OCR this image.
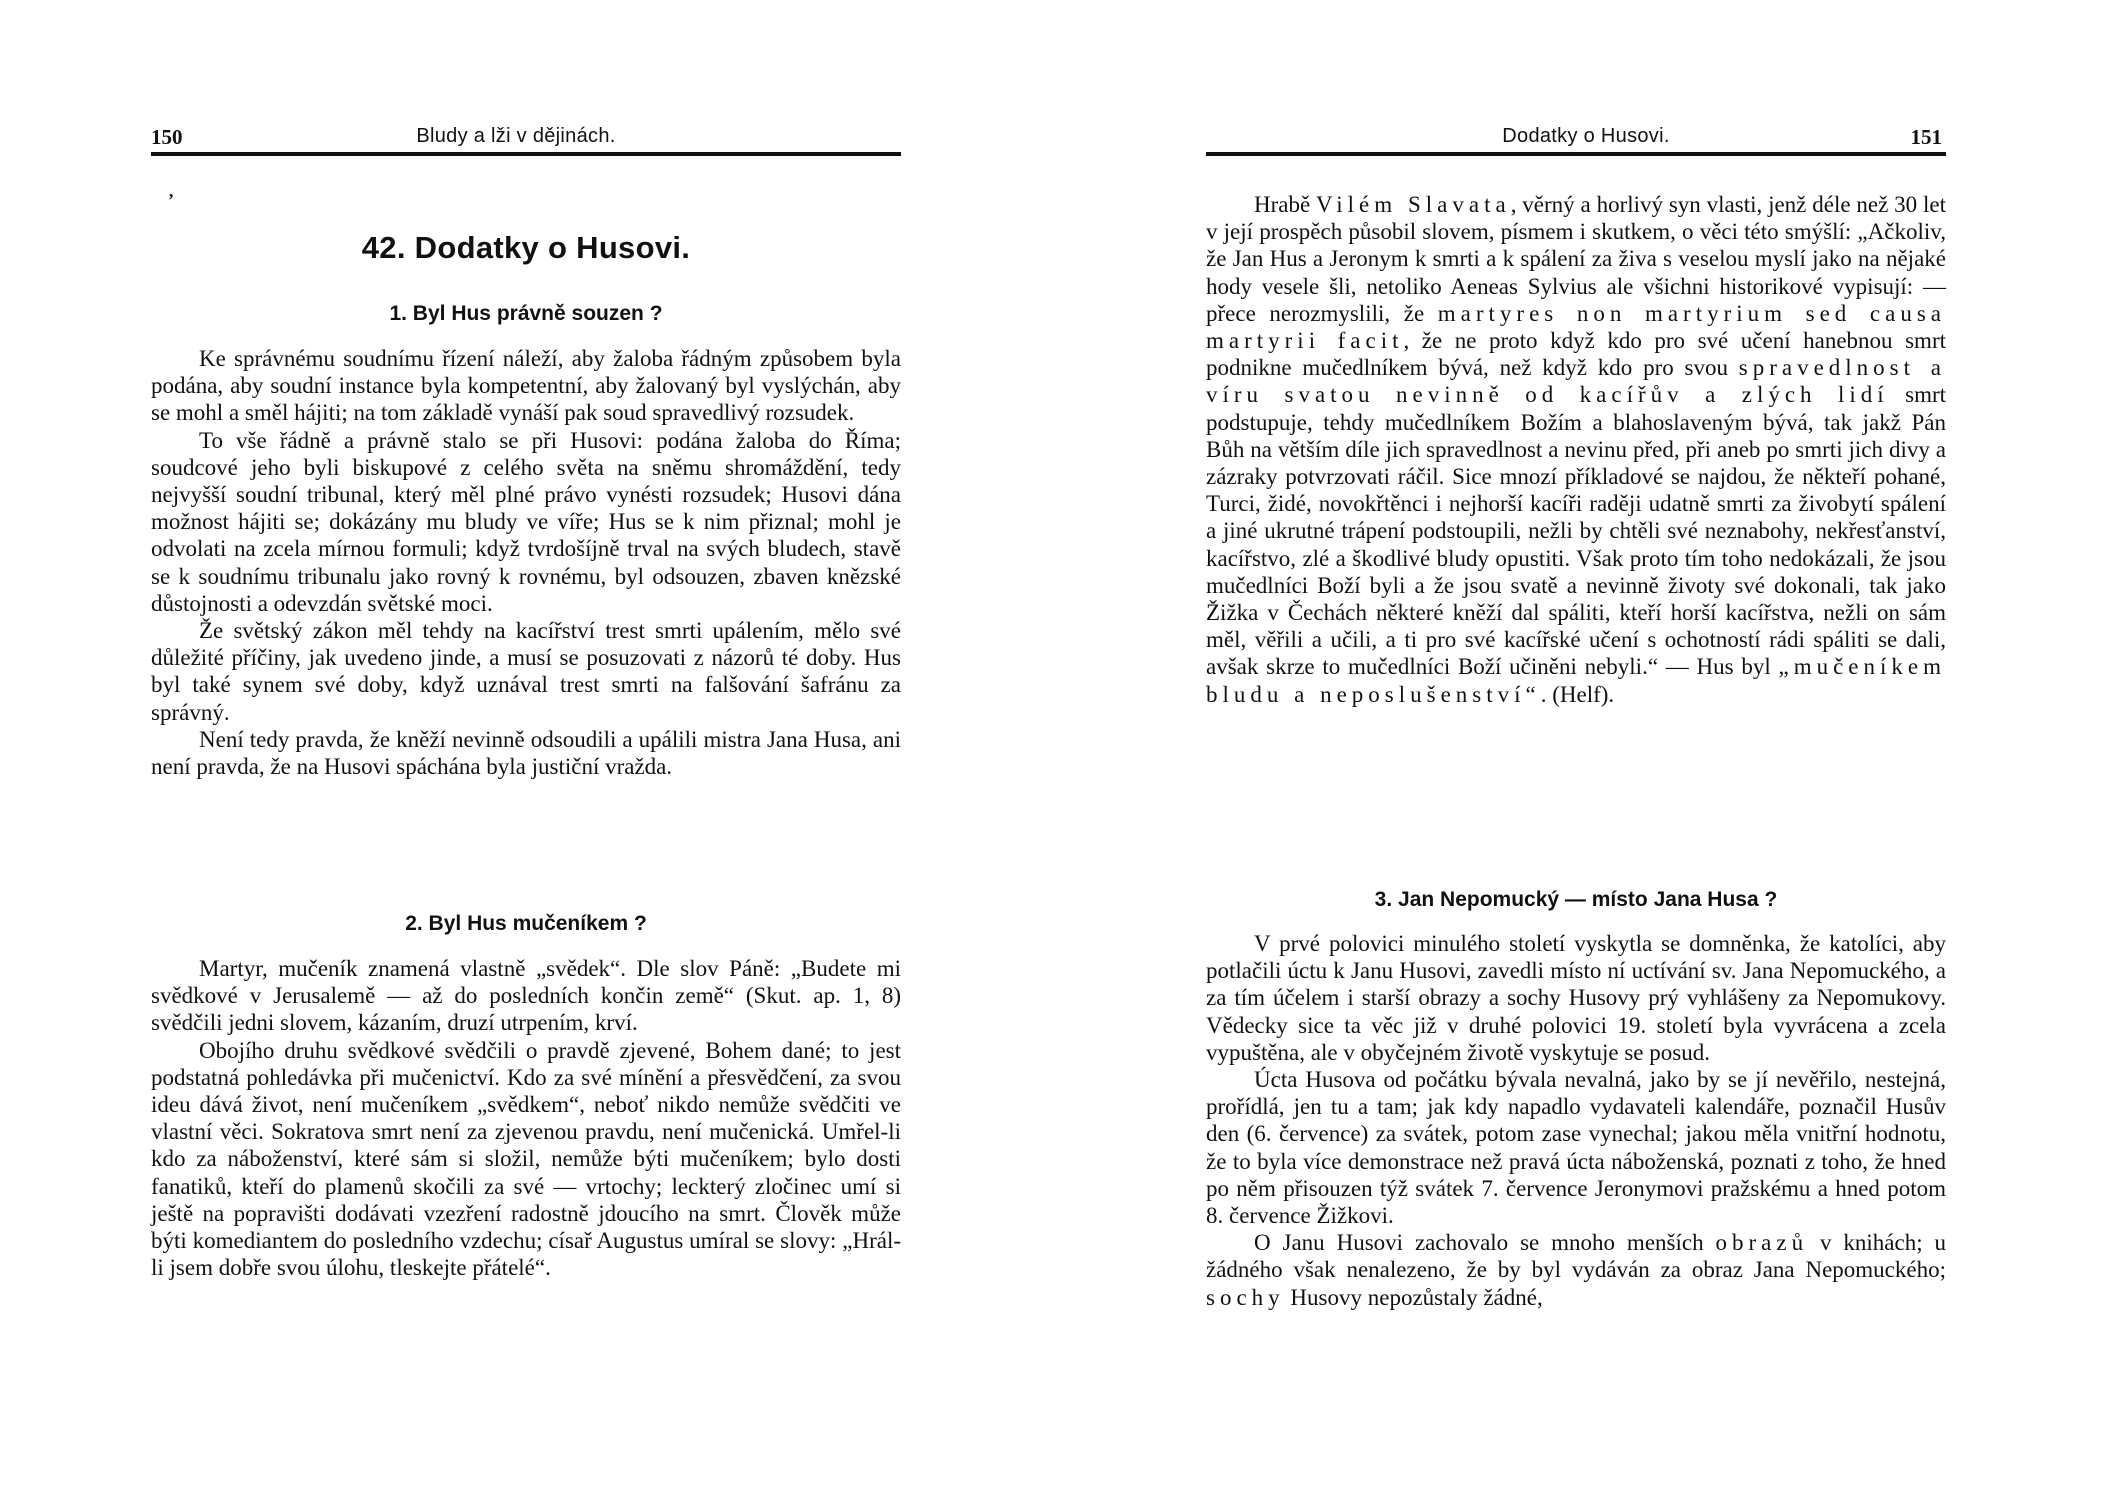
150	Bludy a lži v dějinách.
42. Dodatky o Husovi.
1. Byl Hus právně souzen ?

Ke správnému soudnímu řízení náleží, aby žaloba řádným způsobem byla podána, aby soudní instance byla kompetentní, aby žalovaný byl vyslýchán, aby se mohl a směl hájiti; na tom základě vynáší pak soud spravedlivý rozsudek.

To vše řádně a právně stalo se při Husovi: podána žaloba do Říma; soudcové jeho byli biskupové z celého světa na sněmu shromáždění, tedy nejvyšší soudní tribunal, který měl plné právo vynésti rozsudek; Husovi dána možnost hájiti se; dokázány mu bludy ve víře; Hus se k nim přiznal; mohl je odvolati na zcela mírnou formuli; když tvrdošíjně trval na svých bludech, stavě se k soudnímu tribunalu jako rovný k rovnému, byl odsouzen, zbaven knězské důstojnosti a odevzdán světské moci.

Že světský zákon měl tehdy na kacířství trest smrti upálením, mělo své důležité příčiny, jak uvedeno jinde, a musí se posuzovati z názorů té doby. Hus byl také synem své doby, když uznával trest smrti na falšování šafránu za správný.

Není tedy pravda, že kněží nevinně odsoudili a upálili mistra Jana Husa, ani není pravda, že na Husovi spáchána byla justiční vražda.

2. Byl Hus mučeníkem ?

Martyr, mučeník znamená vlastně „svědek“. Dle slov Páně: „Budete mi svědkové v Jerusalemě — až do posledních končin země“ (Skut. ap. 1, 8) svědčili jedni slovem, kázaním, druzí utrpením, krví.

Obojího druhu svědkové svědčili o pravdě zjevené, Bohem dané; to jest podstatná pohledávka při mučenictví. Kdo za své mínění a přesvědčení, za svou ideu dává život, není mučeníkem „svědkem“, neboť nikdo nemůže svědčiti ve vlastní věci. Sokratova smrt není za zjevenou pravdu, není mučenická. Umřel-li kdo za náboženství, které sám si složil, nemůže býti mučeníkem; bylo dosti fanatiků, kteří do plamenů skočili za své — vrtochy; leckterý zločinec umí si ještě na popravišti dodávati vzezření radostně jdoucího na smrt. Člověk může býti komediantem do posledního vzdechu; císař Augustus umíral se slovy: „Hrál-li jsem dobře svou úlohu, tleskejte přátelé“.

ʼ
Dodatky o Husovi.	151

Hrabě Vilém Slavata, věrný a horlivý syn vlasti, jenž déle než 30 let v její prospěch působil slovem, písmem i skutkem, o věci této smýšlí: „Ačkoliv, že Jan Hus a Jeronym k smrti a k spálení za živa s veselou myslí jako na nějaké hody vesele šli, netoliko Aeneas Sylvius ale všichni historikové vypisují: — přece nerozmyslili, že martyres non martyrium sed causa martyrii facit, že ne proto když kdo pro své učení hanebnou smrt podnikne mučedlníkem bývá, než když kdo pro svou spravedlnost a víru svatou nevinně od kacířův a zlých lidí smrt podstupuje, tehdy mučedlníkem Božím a blahoslaveným bývá, tak jakž Pán Bůh na větším díle jich spravedlnost a nevinu před, při aneb po smrti jich divy a zázraky potvrzovati ráčil. Sice mnozí příkladové se najdou, že někteří pohané, Turci, židé, novokřtěnci i nejhorší kacíři raději udatně smrti za živobytí spálení a jiné ukrutné trápení podstoupili, nežli by chtěli své neznabohy, nekřesťanství, kacířstvo, zlé a škodlivé bludy opustiti. Však proto tím toho nedokázali, že jsou mučedlníci Boží byli a že jsou svatě a nevinně životy své dokonali, tak jako Žižka v Čechách některé kněží dal spáliti, kteří horší kacířstva, nežli on sám měl, věřili a učili, a ti pro své kacířské učení s ochotností rádi spáliti se dali, avšak skrze to mučedlníci Boží učiněni nebyli.“ — Hus byl „mučeníkem bludu a neposlušenství“. (Helf).

3. Jan Nepomucký — místo Jana Husa ?

V prvé polovici minulého století vyskytla se domněnka, že katolíci, aby potlačili úctu k Janu Husovi, zavedli místo ní uctívání sv. Jana Nepomuckého, a za tím účelem i starší obrazy a sochy Husovy prý vyhlášeny za Nepomukovy. Vědecky sice ta věc již v druhé polovici 19. století byla vyvrácena a zcela vypuštěna, ale v obyčejném životě vyskytuje se posud.

Úcta Husova od počátku bývala nevalná, jako by se jí nevěřilo, nestejná, prořídlá, jen tu a tam; jak kdy napadlo vydavateli kalendáře, poznačil Husův den (6. července) za svátek, potom zase vynechal; jakou měla vnitřní hodnotu, že to byla více demonstrace než pravá úcta náboženská, poznati z toho, že hned po něm přisouzen týž svátek 7. července Jeronymovi pražskému a hned potom 8. července Žižkovi.

O Janu Husovi zachovalo se mnoho menších obrazů v knihách; u žádného však nenalezeno, že by byl vydáván za obraz Jana Nepomuckého; sochy Husovy nepozůstaly žádné,
